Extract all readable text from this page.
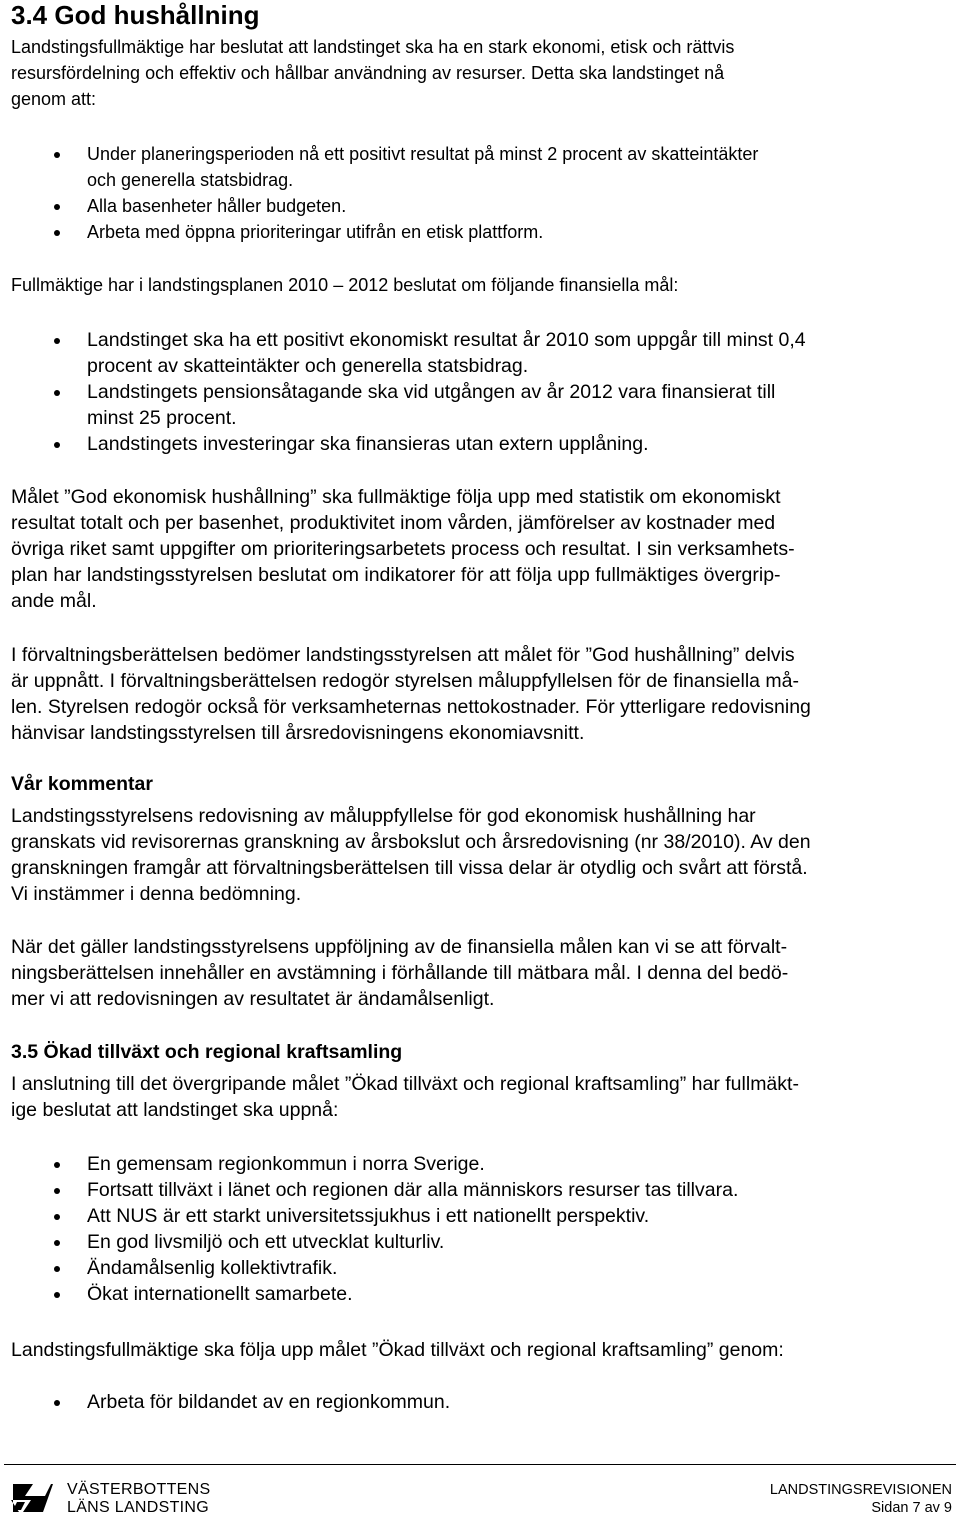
3.4 God hushållning

Landstingsfullmäktige har beslutat att landstinget ska ha en stark ekonomi, etisk och rättvis
resursfördelning och effektiv och hållbar användning av resurser. Detta ska landstinget nå
genom att:

Under planeringsperioden nå ett positivt resultat på minst 2 procent av skatteintäkter
och generella statsbidrag.
Alla basenheter håller budgeten.
Arbeta med öppna prioriteringar utifrån en etisk plattform.

Fullmäktige har i landstingsplanen 2010 – 2012 beslutat om följande finansiella mål:

Landstinget ska ha ett positivt ekonomiskt resultat år 2010 som uppgår till minst 0,4
procent av skatteintäkter och generella statsbidrag.
Landstingets pensionsåtagande ska vid utgången av år 2012 vara finansierat till
minst 25 procent.
Landstingets investeringar ska finansieras utan extern upplåning.

Målet ”God ekonomisk hushållning” ska fullmäktige följa upp med statistik om ekonomiskt
resultat totalt och per basenhet, produktivitet inom vården, jämförelser av kostnader med
övriga riket samt uppgifter om prioriteringsarbetets process och resultat. I sin verksamhets-
plan har landstingsstyrelsen beslutat om indikatorer för att följa upp fullmäktiges övergrip-
ande mål.

I förvaltningsberättelsen bedömer landstingsstyrelsen att målet för ”God hushållning” delvis
är uppnått. I förvaltningsberättelsen redogör styrelsen måluppfyllelsen för de finansiella må-
len. Styrelsen redogör också för verksamheternas nettokostnader. För ytterligare redovisning
hänvisar landstingsstyrelsen till årsredovisningens ekonomiavsnitt.

Vår kommentar

Landstingsstyrelsens redovisning av måluppfyllelse för god ekonomisk hushållning har
granskats vid revisorernas granskning av årsbokslut och årsredovisning (nr 38/2010). Av den
granskningen framgår att förvaltningsberättelsen till vissa delar är otydlig och svårt att förstå.
Vi instämmer i denna bedömning.

När det gäller landstingsstyrelsens uppföljning av de finansiella målen kan vi se att förvalt-
ningsberättelsen innehåller en avstämning i förhållande till mätbara mål. I denna del bedö-
mer vi att redovisningen av resultatet är ändamålsenligt.

3.5 Ökad tillväxt och regional kraftsamling

I anslutning till det övergripande målet ”Ökad tillväxt och regional kraftsamling” har fullmäkt-
ige beslutat att landstinget ska uppnå:

En gemensam regionkommun i norra Sverige.
Fortsatt tillväxt i länet och regionen där alla människors resurser tas tillvara.
Att NUS är ett starkt universitetssjukhus i ett nationellt perspektiv.
En god livsmiljö och ett utvecklat kulturliv.
Ändamålsenlig kollektivtrafik.
Ökat internationellt samarbete.

Landstingsfullmäktige ska följa upp målet ”Ökad tillväxt och regional kraftsamling” genom:

Arbeta för bildandet av en regionkommun.
VÄSTERBOTTENS
LÄNS LANDSTING
LANDSTINGSREVISIONEN
Sidan 7 av 9
